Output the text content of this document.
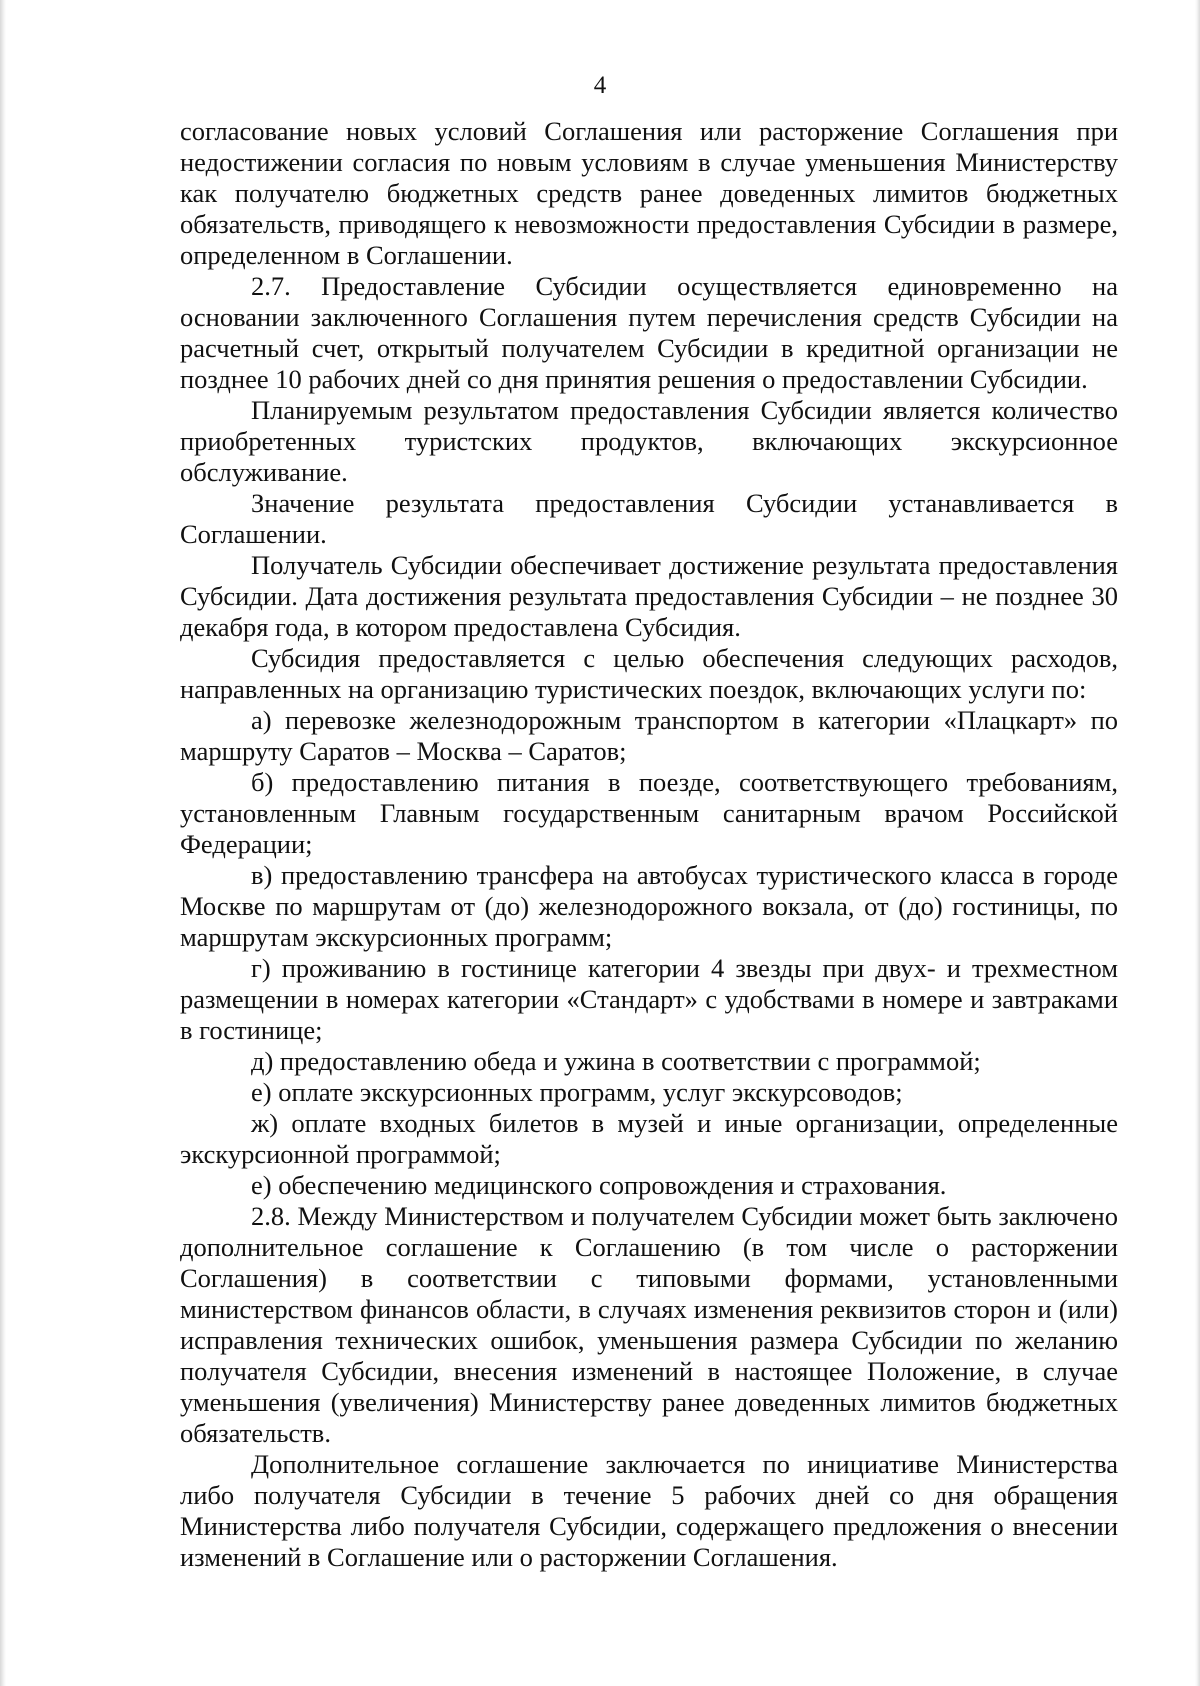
4

согласование новых условий Соглашения или расторжение Соглашения при недостижении согласия по новым условиям в случае уменьшения Министерству как получателю бюджетных средств ранее доведенных лимитов бюджетных обязательств, приводящего к невозможности предоставления Субсидии в размере, определенном в Соглашении.

2.7. Предоставление Субсидии осуществляется единовременно на основании заключенного Соглашения путем перечисления средств Субсидии на расчетный счет, открытый получателем Субсидии в кредитной организации не позднее 10 рабочих дней со дня принятия решения о предоставлении Субсидии.

Планируемым результатом предоставления Субсидии является количество приобретенных туристских продуктов, включающих экскурсионное обслуживание.

Значение результата предоставления Субсидии устанавливается в Соглашении.

Получатель Субсидии обеспечивает достижение результата предоставления Субсидии. Дата достижения результата предоставления Субсидии – не позднее 30 декабря года, в котором предоставлена Субсидия.

Субсидия предоставляется с целью обеспечения следующих расходов, направленных на организацию туристических поездок, включающих услуги по:

а) перевозке железнодорожным транспортом в категории «Плацкарт» по маршруту Саратов – Москва – Саратов;

б) предоставлению питания в поезде, соответствующего требованиям, установленным Главным государственным санитарным врачом Российской Федерации;

в) предоставлению трансфера на автобусах туристического класса в городе Москве по маршрутам от (до) железнодорожного вокзала, от (до) гостиницы, по маршрутам экскурсионных программ;

г) проживанию в гостинице категории 4 звезды при двух- и трехместном размещении в номерах категории «Стандарт» с удобствами в номере и завтраками в гостинице;

д) предоставлению обеда и ужина в соответствии с программой;

е) оплате экскурсионных программ, услуг экскурсоводов;

ж) оплате входных билетов в музей и иные организации, определенные экскурсионной программой;

е) обеспечению медицинского сопровождения и страхования.

2.8. Между Министерством и получателем Субсидии может быть заключено дополнительное соглашение к Соглашению (в том числе о расторжении Соглашения) в соответствии с типовыми формами, установленными министерством финансов области, в случаях изменения реквизитов сторон и (или) исправления технических ошибок, уменьшения размера Субсидии по желанию получателя Субсидии, внесения изменений в настоящее Положение, в случае уменьшения (увеличения) Министерству ранее доведенных лимитов бюджетных обязательств.

Дополнительное соглашение заключается по инициативе Министерства либо получателя Субсидии в течение 5 рабочих дней со дня обращения Министерства либо получателя Субсидии, содержащего предложения о внесении изменений в Соглашение или о расторжении Соглашения.
